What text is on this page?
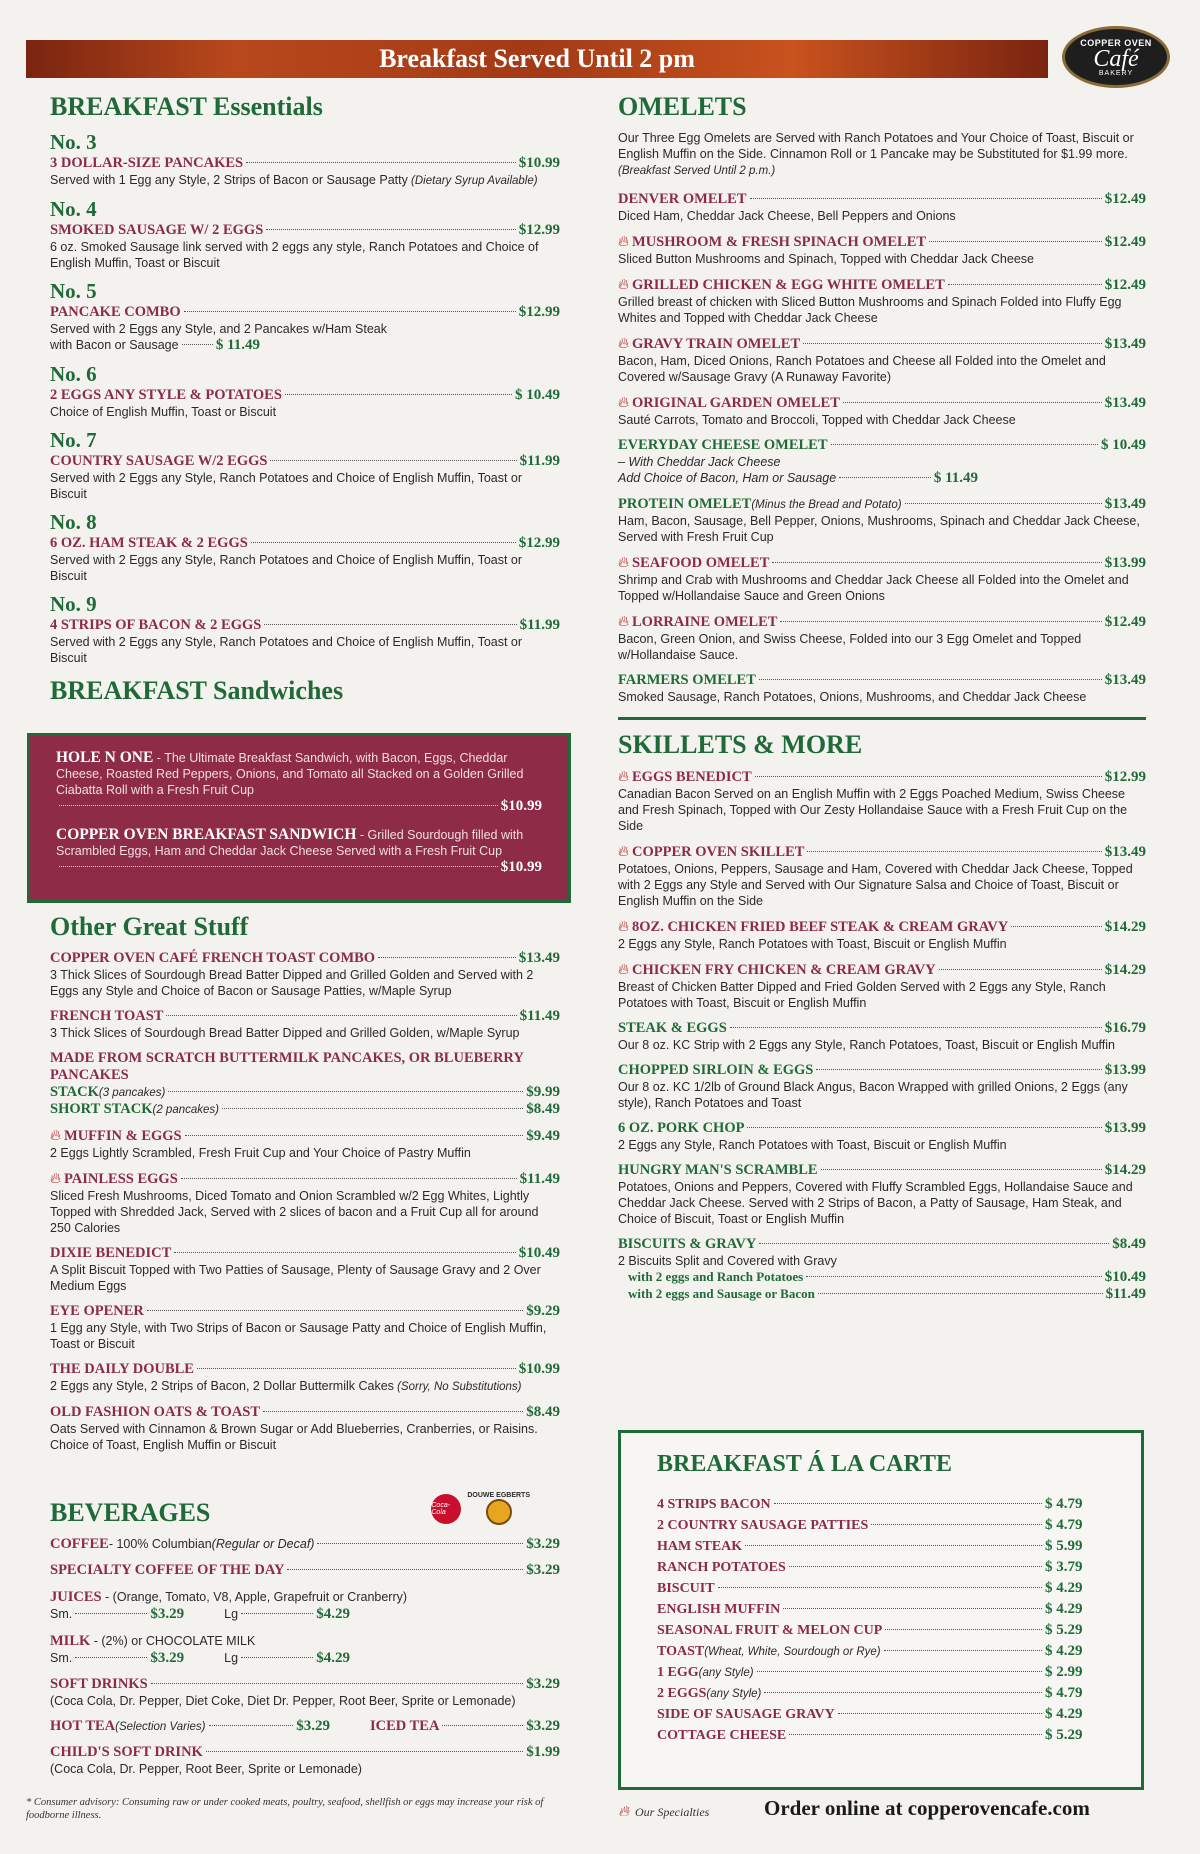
Breakfast Served Until 2 pm
COPPER OVEN
Café
BAKERY
BREAKFAST Essentials
No. 3
3 DOLLAR-SIZE PANCAKES	$10.99
Served with 1 Egg any Style, 2 Strips of Bacon or Sausage Patty (Dietary Syrup Available)
No. 4
SMOKED SAUSAGE W/ 2 EGGS	$12.99
6 oz. Smoked Sausage link served with 2 eggs any style, Ranch Potatoes and Choice of English Muffin, Toast or Biscuit
No. 5
PANCAKE COMBO	$12.99
Served with 2 Eggs any Style, and 2 Pancakes w/Ham Steak
with Bacon or Sausage $ 11.49
No. 6
2 EGGS ANY STYLE & POTATOES	$ 10.49
Choice of English Muffin, Toast or Biscuit
No. 7
COUNTRY SAUSAGE W/2 EGGS	$11.99
Served with 2 Eggs any Style, Ranch Potatoes and Choice of English Muffin, Toast or Biscuit
No. 8
6 OZ. HAM STEAK & 2 EGGS	$12.99
Served with 2 Eggs any Style, Ranch Potatoes and Choice of English Muffin, Toast or Biscuit
No. 9
4 STRIPS OF BACON & 2 EGGS	$11.99
Served with 2 Eggs any Style, Ranch Potatoes and Choice of English Muffin, Toast or Biscuit
BREAKFAST Sandwiches
HOLE N ONE - The Ultimate Breakfast Sandwich, with Bacon, Eggs, Cheddar Cheese, Roasted Red Peppers, Onions, and Tomato all Stacked on a Golden Grilled Ciabatta Roll with a Fresh Fruit Cup
$10.99
COPPER OVEN BREAKFAST SANDWICH - Grilled Sourdough filled with Scrambled Eggs, Ham and Cheddar Jack Cheese Served with a Fresh Fruit Cup
$10.99
Other Great Stuff
COPPER OVEN CAFÉ FRENCH TOAST COMBO	$13.49
3 Thick Slices of Sourdough Bread Batter Dipped and Grilled Golden and Served with 2 Eggs any Style and Choice of Bacon or Sausage Patties, w/Maple Syrup
FRENCH TOAST	$11.49
3 Thick Slices of Sourdough Bread Batter Dipped and Grilled Golden, w/Maple Syrup
MADE FROM SCRATCH BUTTERMILK PANCAKES, OR BLUEBERRY PANCAKES
STACK (3 pancakes)	$9.99
SHORT STACK (2 pancakes)	$8.49
🔥︎ MUFFIN & EGGS	$9.49
2 Eggs Lightly Scrambled, Fresh Fruit Cup and Your Choice of Pastry Muffin
🔥︎ PAINLESS EGGS	$11.49
Sliced Fresh Mushrooms, Diced Tomato and Onion Scrambled w/2 Egg Whites, Lightly Topped with Shredded Jack, Served with 2 slices of bacon and a Fruit Cup all for around 250 Calories
DIXIE BENEDICT	$10.49
A Split Biscuit Topped with Two Patties of Sausage, Plenty of Sausage Gravy and 2 Over Medium Eggs
EYE OPENER	$9.29
1 Egg any Style, with Two Strips of Bacon or Sausage Patty and Choice of English Muffin, Toast or Biscuit
THE DAILY DOUBLE	$10.99
2 Eggs any Style, 2 Strips of Bacon, 2 Dollar Buttermilk Cakes (Sorry, No Substitutions)
OLD FASHION OATS & TOAST	$8.49
Oats Served with Cinnamon & Brown Sugar or Add Blueberries, Cranberries, or Raisins. Choice of Toast, English Muffin or Biscuit
BEVERAGES	Coca-Cola
DOUWE EGBERTS
COFFEE - 100% Columbian (Regular or Decaf)	$3.29
SPECIALTY COFFEE OF THE DAY	$3.29
JUICES - (Orange, Tomato, V8, Apple, Grapefruit or Cranberry)
Sm.	$3.29	Lg	$4.29
MILK - (2%) or CHOCOLATE MILK
Sm.	$3.29	Lg	$4.29
SOFT DRINKS	$3.29
(Coca Cola, Dr. Pepper, Diet Coke, Diet Dr. Pepper, Root Beer, Sprite or Lemonade)
HOT TEA (Selection Varies)	$3.29	ICED TEA	$3.29
CHILD'S SOFT DRINK	$1.99
(Coca Cola, Dr. Pepper, Root Beer, Sprite or Lemonade)
OMELETS
Our Three Egg Omelets are Served with Ranch Potatoes and Your Choice of Toast, Biscuit or English Muffin on the Side. Cinnamon Roll or 1 Pancake may be Substituted for $1.99 more. (Breakfast Served Until 2 p.m.)
DENVER OMELET	$12.49
Diced Ham, Cheddar Jack Cheese, Bell Peppers and Onions
🔥︎ MUSHROOM & FRESH SPINACH OMELET	$12.49
Sliced Button Mushrooms and Spinach, Topped with Cheddar Jack Cheese
🔥︎ GRILLED CHICKEN & EGG WHITE OMELET	$12.49
Grilled breast of chicken with Sliced Button Mushrooms and Spinach Folded into Fluffy Egg Whites and Topped with Cheddar Jack Cheese
🔥︎ GRAVY TRAIN OMELET	$13.49
Bacon, Ham, Diced Onions, Ranch Potatoes and Cheese all Folded into the Omelet and Covered w/Sausage Gravy (A Runaway Favorite)
🔥︎ ORIGINAL GARDEN OMELET	$13.49
Sauté Carrots, Tomato and Broccoli, Topped with Cheddar Jack Cheese
EVERYDAY CHEESE OMELET	$ 10.49
– With Cheddar Jack Cheese
Add Choice of Bacon, Ham or Sausage	$ 11.49
PROTEIN OMELET (Minus the Bread and Potato)	$13.49
Ham, Bacon, Sausage, Bell Pepper, Onions, Mushrooms, Spinach and Cheddar Jack Cheese, Served with Fresh Fruit Cup
🔥︎ SEAFOOD OMELET	$13.99
Shrimp and Crab with Mushrooms and Cheddar Jack Cheese all Folded into the Omelet and Topped w/Hollandaise Sauce and Green Onions
🔥︎ LORRAINE OMELET	$12.49
Bacon, Green Onion, and Swiss Cheese, Folded into our 3 Egg Omelet and Topped w/Hollandaise Sauce.
FARMERS OMELET	$13.49
Smoked Sausage, Ranch Potatoes, Onions, Mushrooms, and Cheddar Jack Cheese
SKILLETS & MORE
🔥︎ EGGS BENEDICT	$12.99
Canadian Bacon Served on an English Muffin with 2 Eggs Poached Medium, Swiss Cheese and Fresh Spinach, Topped with Our Zesty Hollandaise Sauce with a Fresh Fruit Cup on the Side
🔥︎ COPPER OVEN SKILLET	$13.49
Potatoes, Onions, Peppers, Sausage and Ham, Covered with Cheddar Jack Cheese, Topped with 2 Eggs any Style and Served with Our Signature Salsa and Choice of Toast, Biscuit or English Muffin on the Side
🔥︎ 8OZ. CHICKEN FRIED BEEF STEAK & CREAM GRAVY	$14.29
2 Eggs any Style, Ranch Potatoes with Toast, Biscuit or English Muffin
🔥︎ CHICKEN FRY CHICKEN & CREAM GRAVY	$14.29
Breast of Chicken Batter Dipped and Fried Golden Served with 2 Eggs any Style, Ranch Potatoes with Toast, Biscuit or English Muffin
STEAK & EGGS	$16.79
Our 8 oz. KC Strip with 2 Eggs any Style, Ranch Potatoes, Toast, Biscuit or English Muffin
CHOPPED SIRLOIN & EGGS	$13.99
Our 8 oz. KC 1/2lb of Ground Black Angus, Bacon Wrapped with grilled Onions, 2 Eggs (any style), Ranch Potatoes and Toast
6 OZ. PORK CHOP	$13.99
2 Eggs any Style, Ranch Potatoes with Toast, Biscuit or English Muffin
HUNGRY MAN'S SCRAMBLE	$14.29
Potatoes, Onions and Peppers, Covered with Fluffy Scrambled Eggs, Hollandaise Sauce and Cheddar Jack Cheese. Served with 2 Strips of Bacon, a Patty of Sausage, Ham Steak, and Choice of Biscuit, Toast or English Muffin
BISCUITS & GRAVY	$8.49
2 Biscuits Split and Covered with Gravy
with 2 eggs and Ranch Potatoes	$10.49
with 2 eggs and Sausage or Bacon	$11.49
BREAKFAST Á LA CARTE
4 STRIPS BACON	$ 4.79
2 COUNTRY SAUSAGE PATTIES	$ 4.79
HAM STEAK	$ 5.99
RANCH POTATOES	$ 3.79
BISCUIT	$ 4.29
ENGLISH MUFFIN	$ 4.29
SEASONAL FRUIT & MELON CUP	$ 5.29
TOAST (Wheat, White, Sourdough or Rye)	$ 4.29
1 EGG (any Style)	$ 2.99
2 EGGS (any Style)	$ 4.79
SIDE OF SAUSAGE GRAVY	$ 4.29
COTTAGE CHEESE	$ 5.29
* Consumer advisory: Consuming raw or under cooked meats, poultry, seafood, shellfish or eggs may increase your risk of foodborne illness.	🔥︎ Our Specialties	Order online at copperovencafe.com
